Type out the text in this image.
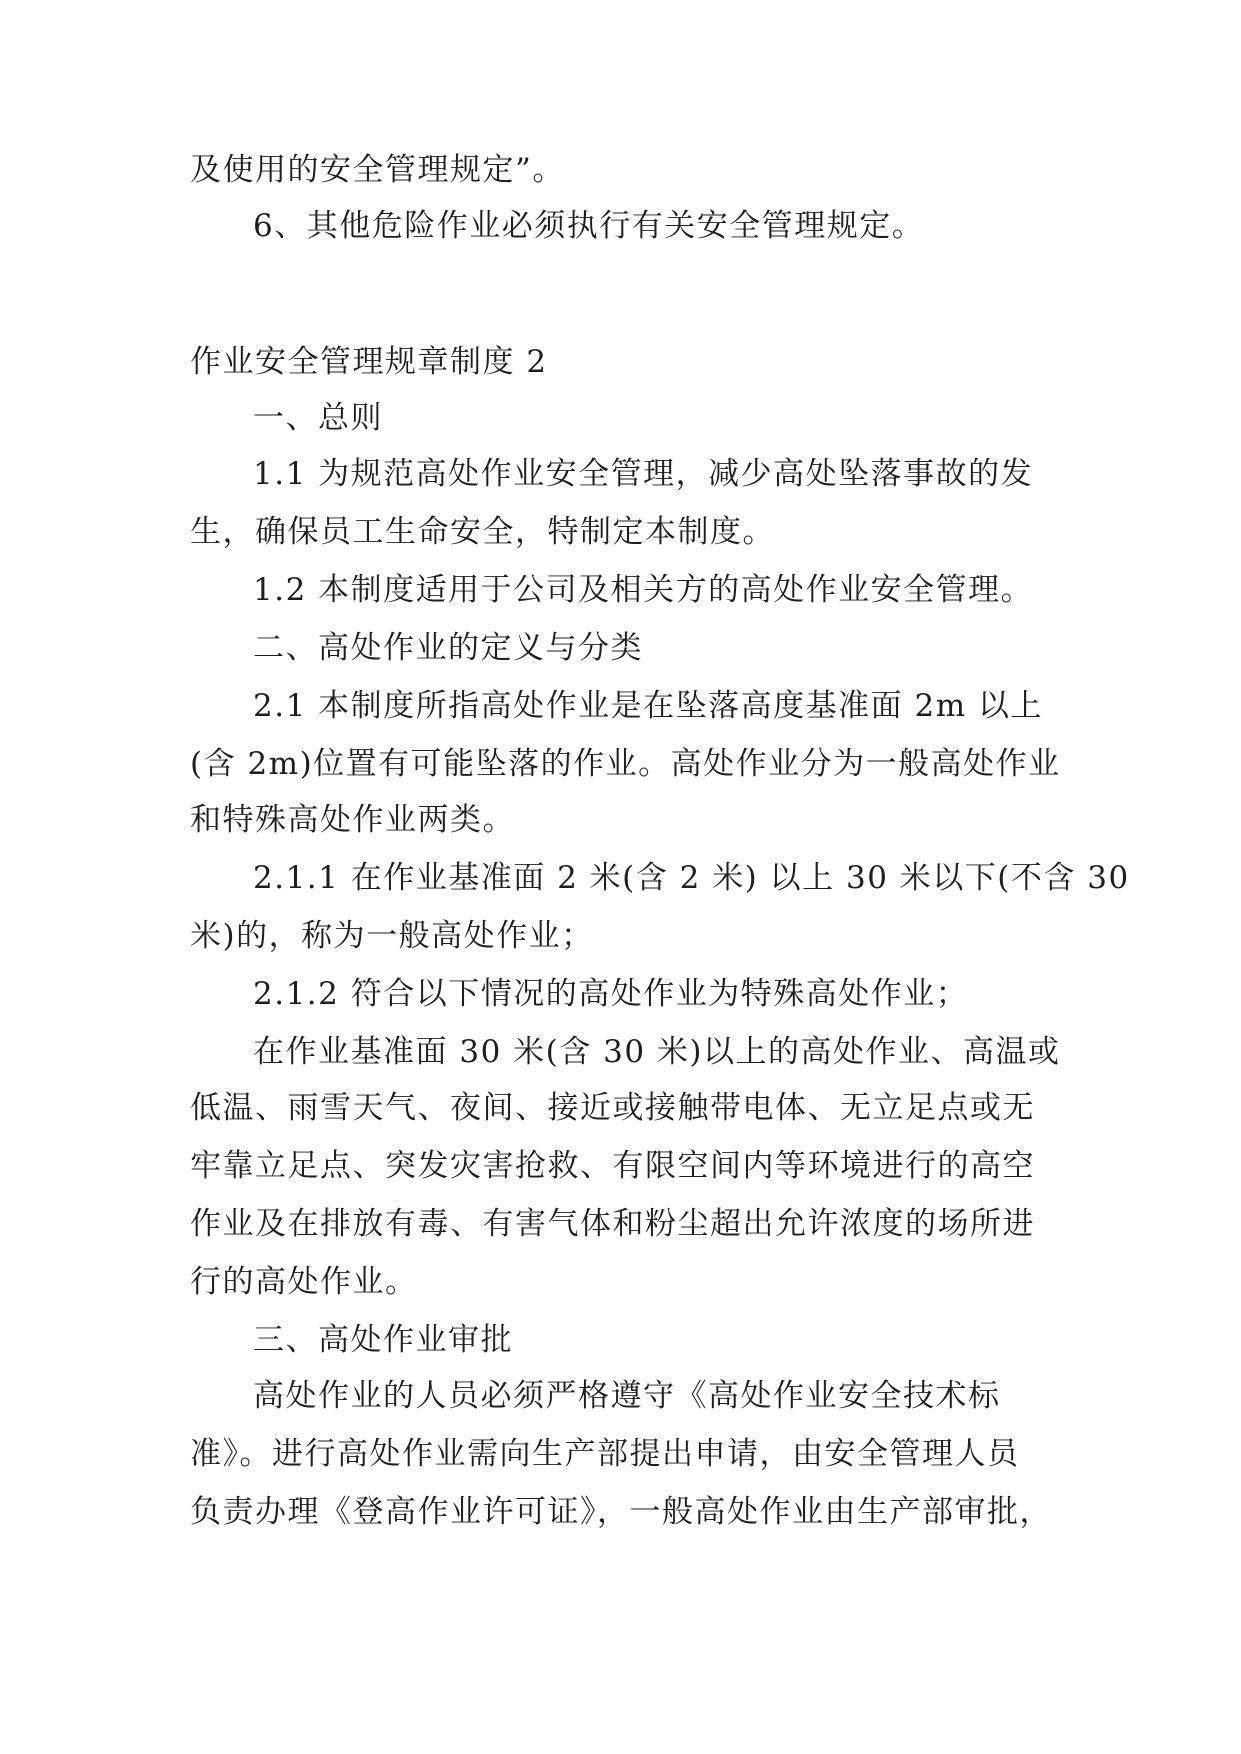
及使用的安全管理规定”。
6、其他危险作业必须执行有关安全管理规定。
作业安全管理规章制度 2
一、总则
1.1 为规范高处作业安全管理，减少高处坠落事故的发
生，确保员工生命安全，特制定本制度。
1.2 本制度适用于公司及相关方的高处作业安全管理。
二、高处作业的定义与分类
2.1 本制度所指高处作业是在坠落高度基准面 2m 以上
(含 2m)位置有可能坠落的作业。高处作业分为一般高处作业
和特殊高处作业两类。
2.1.1 在作业基准面 2 米(含 2 米) 以上 30 米以下(不含 30
米)的，称为一般高处作业；
2.1.2 符合以下情况的高处作业为特殊高处作业；
在作业基准面 30 米(含 30 米)以上的高处作业、高温或
低温、雨雪天气、夜间、接近或接触带电体、无立足点或无
牢靠立足点、突发灾害抢救、有限空间内等环境进行的高空
作业及在排放有毒、有害气体和粉尘超出允许浓度的场所进
行的高处作业。
三、高处作业审批
高处作业的人员必须严格遵守《高处作业安全技术标
准》。进行高处作业需向生产部提出申请，由安全管理人员
负责办理《登高作业许可证》，一般高处作业由生产部审批，
